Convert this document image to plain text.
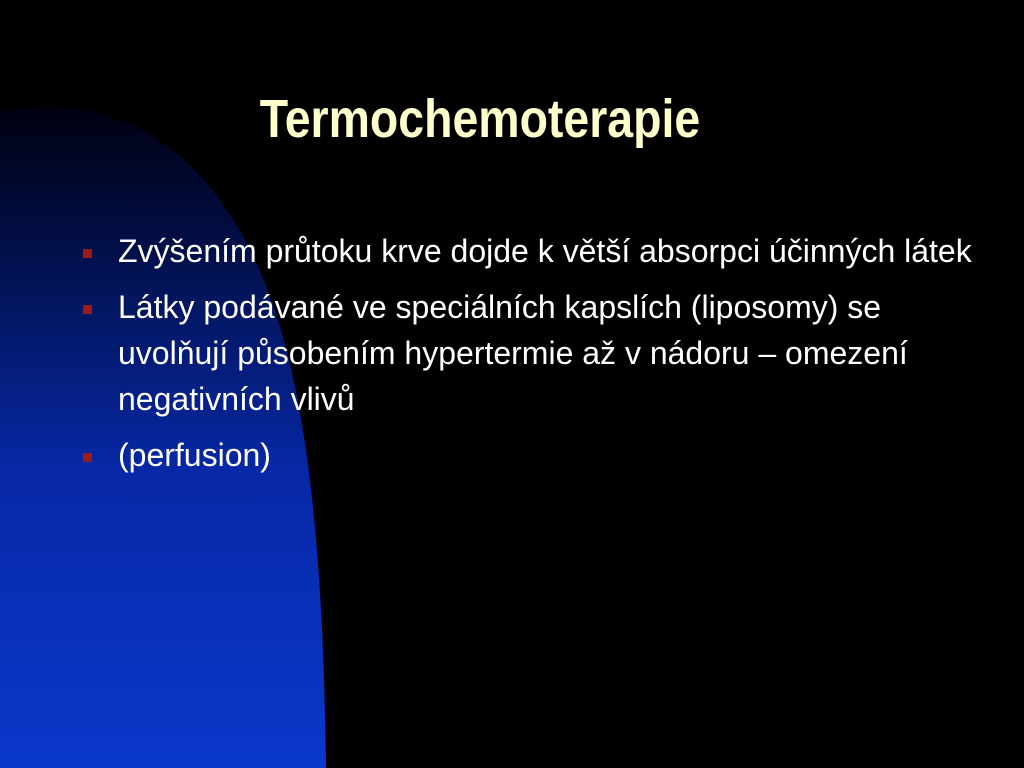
Termochemoterapie
Zvýšením průtoku krve dojde k větší absorpci účinných látek
Látky podávané ve speciálních kapslích (liposomy) se uvolňují působením hypertermie až v nádoru – omezení negativních vlivů
(perfusion)
